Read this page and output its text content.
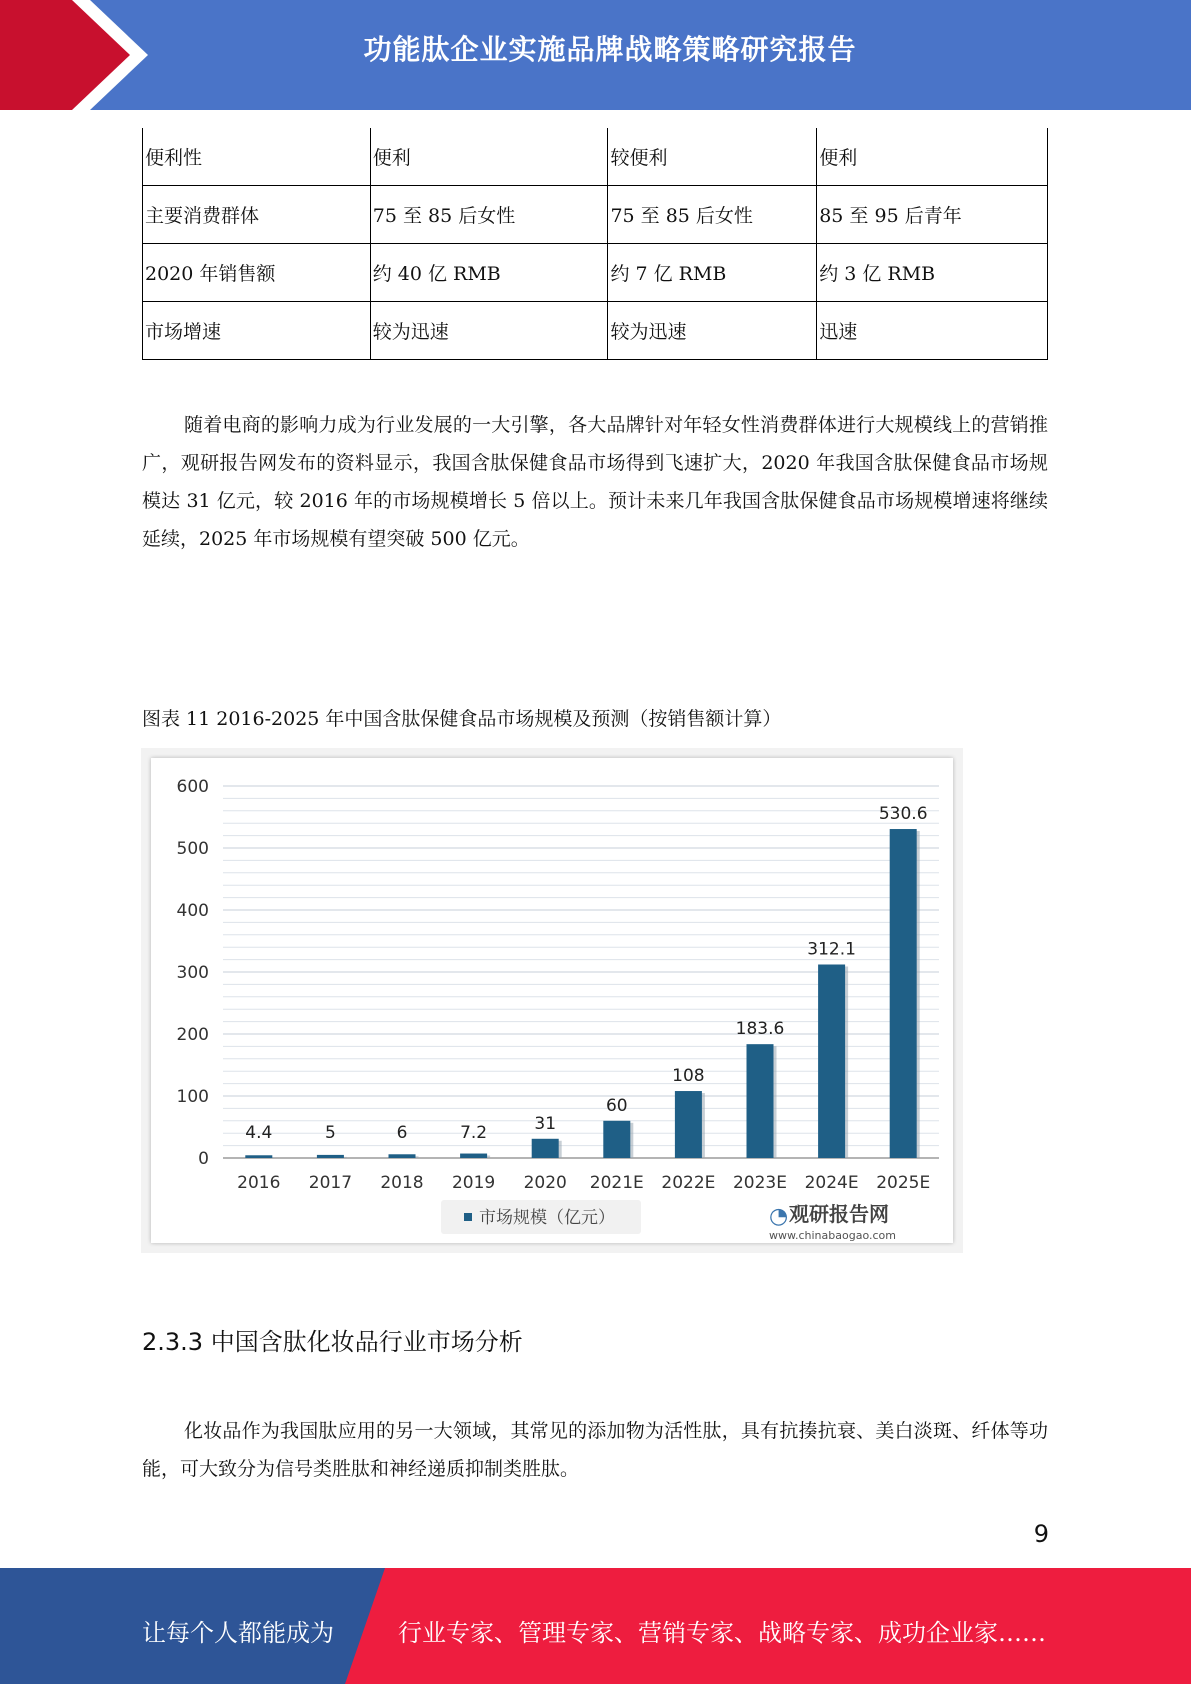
功能肽企业实施品牌战略策略研究报告
便利性	便利	较便利	便利
主要消费群体	75 至 85 后女性	75 至 85 后女性	85 至 95 后青年
2020 年销售额	约 40 亿 RMB	约 7 亿 RMB	约 3 亿 RMB
市场增速	较为迅速	较为迅速	迅速

随着电商的影响力成为行业发展的一大引擎，各大品牌针对年轻女性消费群体进行大规模线上的营销推广，观研报告网发布的资料显示，我国含肽保健食品市场得到飞速扩大，2020 年我国含肽保健食品市场规模达 31 亿元，较 2016 年的市场规模增长 5 倍以上。预计未来几年我国含肽保健食品市场规模增速将继续延续，2025 年市场规模有望突破 500 亿元。

图表 11 2016-2025 年中国含肽保健食品市场规模及预测（按销售额计算）
0
100
200
300
400
500
600
4.4	5	6	7.2	31
60
108
183.6
312.1
530.6
2016 2017 2018 2019 2020 2021E 2022E 2023E 2024E 2025E
市场规模（亿元）	◔ 观研报告网
www.chinabaogao.com
2.3.3 中国含肽化妆品行业市场分析

化妆品作为我国肽应用的另一大领域，其常见的添加物为活性肽，具有抗揍抗衰、美白淡斑、纤体等功能，可大致分为信号类胜肽和神经递质抑制类胜肽。

9
让每个人都能成为	行业专家、管理专家、营销专家、战略专家、成功企业家……
